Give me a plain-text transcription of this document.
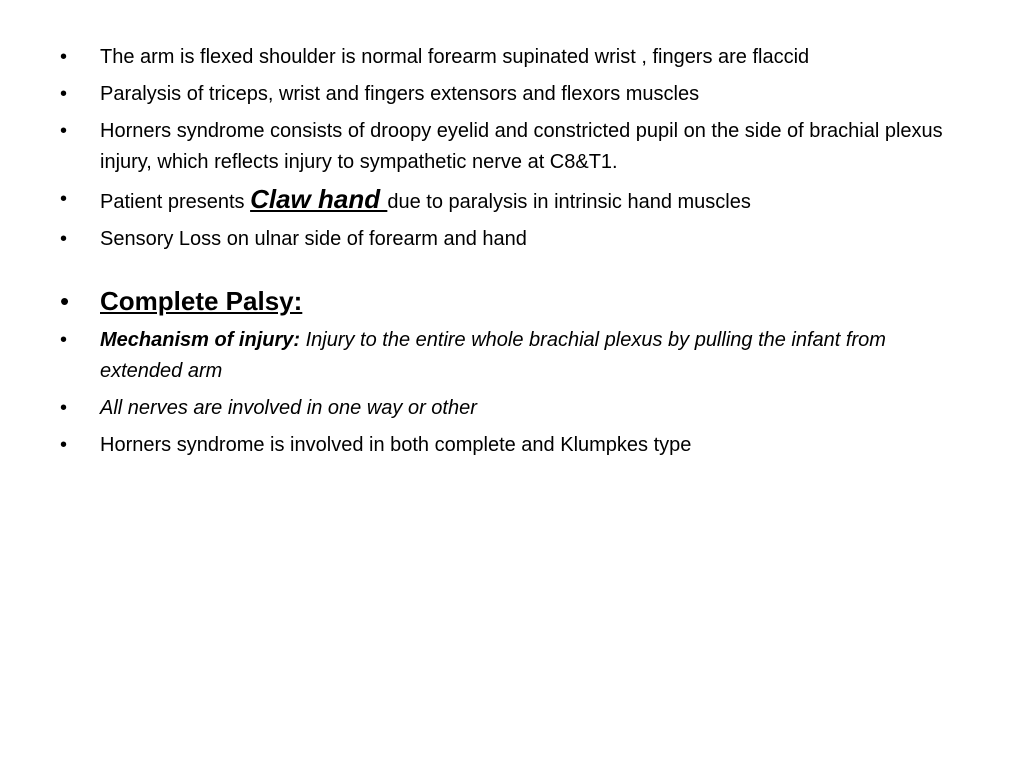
• The arm is flexed shoulder is normal forearm supinated wrist , fingers are flaccid
• Paralysis of triceps, wrist and fingers extensors and flexors muscles
• Horners syndrome consists of droopy eyelid and constricted pupil on the side of brachial plexus injury, which reflects injury to sympathetic nerve at C8&T1.
• Patient presents Claw hand due to paralysis in intrinsic hand muscles
• Sensory Loss on ulnar side of forearm and hand
• Complete Palsy:
• Mechanism of injury: Injury to the entire whole brachial plexus by pulling the infant from extended arm
• All nerves are involved in one way or other
• Horners syndrome is involved in both complete and Klumpkes type
